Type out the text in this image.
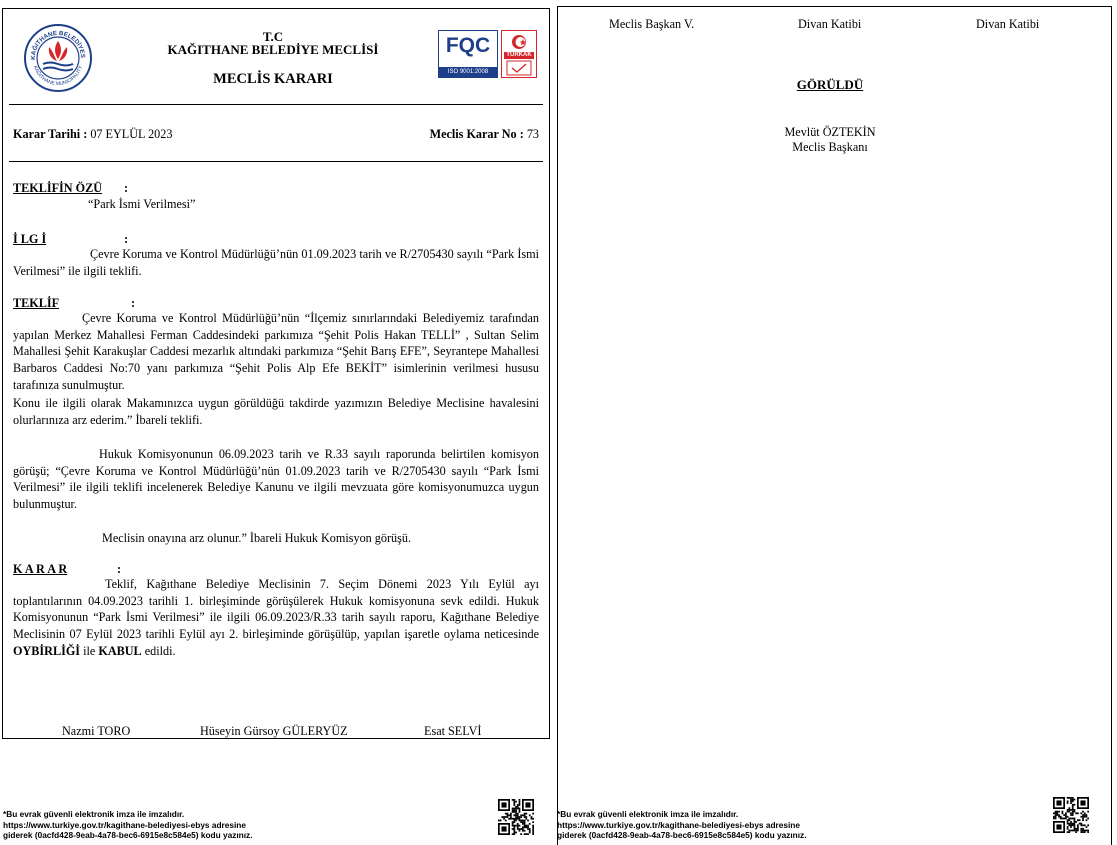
KAĞITHANE BELEDİYES
KAĞITHANE MUNICIPALITY
T.C
KAĞITHANE BELEDİYE MECLİSİ
MECLİS KARARI
FQC
ISO 9001:2008
TÜRKAK
Karar Tarihi : 07 EYLÜL 2023	Meclis Karar No : 73
TEKLİFİN ÖZÜ :
“Park İsmi Verilmesi”
İ LG İ	:
Çevre Koruma ve Kontrol Müdürlüğü’nün 01.09.2023 tarih ve R/2705430 sayılı “Park İsmi Verilmesi” ile ilgili teklifi.
TEKLİF	:
Çevre Koruma ve Kontrol Müdürlüğü’nün “İlçemiz sınırlarındaki Belediyemiz tarafından yapılan Merkez Mahallesi Ferman Caddesindeki parkımıza “Şehit Polis Hakan TELLİ” , Sultan Selim Mahallesi Şehit Karakuşlar Caddesi mezarlık altındaki parkımıza “Şehit Barış EFE”, Seyrantepe Mahallesi Barbaros Caddesi No:70 yanı parkımıza “Şehit Polis Alp Efe BEKİT” isimlerinin verilmesi hususu tarafınıza sunulmuştur.
Konu ile ilgili olarak Makamınızca uygun görüldüğü takdirde yazımızın Belediye Meclisine havalesini olurlarınıza arz ederim.” İbareli teklifi.
Hukuk Komisyonunun 06.09.2023 tarih ve R.33 sayılı raporunda belirtilen komisyon görüşü; “Çevre Koruma ve Kontrol Müdürlüğü’nün 01.09.2023 tarih ve R/2705430 sayılı “Park İsmi Verilmesi” ile ilgili teklifi incelenerek Belediye Kanunu ve ilgili mevzuata göre komisyonumuzca uygun bulunmuştur.
Meclisin onayına arz olunur.” İbareli Hukuk Komisyon görüşü.
K A R A R	:
Teklif, Kağıthane Belediye Meclisinin 7. Seçim Dönemi 2023 Yılı Eylül ayı toplantılarının 04.09.2023 tarihli 1. birleşiminde görüşülerek Hukuk komisyonuna sevk edildi. Hukuk Komisyonunun “Park İsmi Verilmesi” ile ilgili 06.09.2023/R.33 tarih sayılı raporu, Kağıthane Belediye Meclisinin 07 Eylül 2023 tarihli Eylül ayı 2. birleşiminde görüşülüp, yapılan işaretle oylama neticesinde OYBİRLİĞİ ile KABUL edildi.
Nazmi TORO	Hüseyin Gürsoy GÜLERYÜZ	Esat SELVİ
Meclis Başkan V.	Divan Katibi	Divan Katibi
GÖRÜLDÜ
Mevlüt ÖZTEKİN
Meclis Başkanı
*Bu evrak güvenli elektronik imza ile imzalıdır.
https://www.turkiye.gov.tr/kagithane-belediyesi-ebys adresine
giderek (0acfd428-9eab-4a78-bec6-6915e8c584e5) kodu yazınız.
*Bu evrak güvenli elektronik imza ile imzalıdır.
https://www.turkiye.gov.tr/kagithane-belediyesi-ebys adresine
giderek (0acfd428-9eab-4a78-bec6-6915e8c584e5) kodu yazınız.
